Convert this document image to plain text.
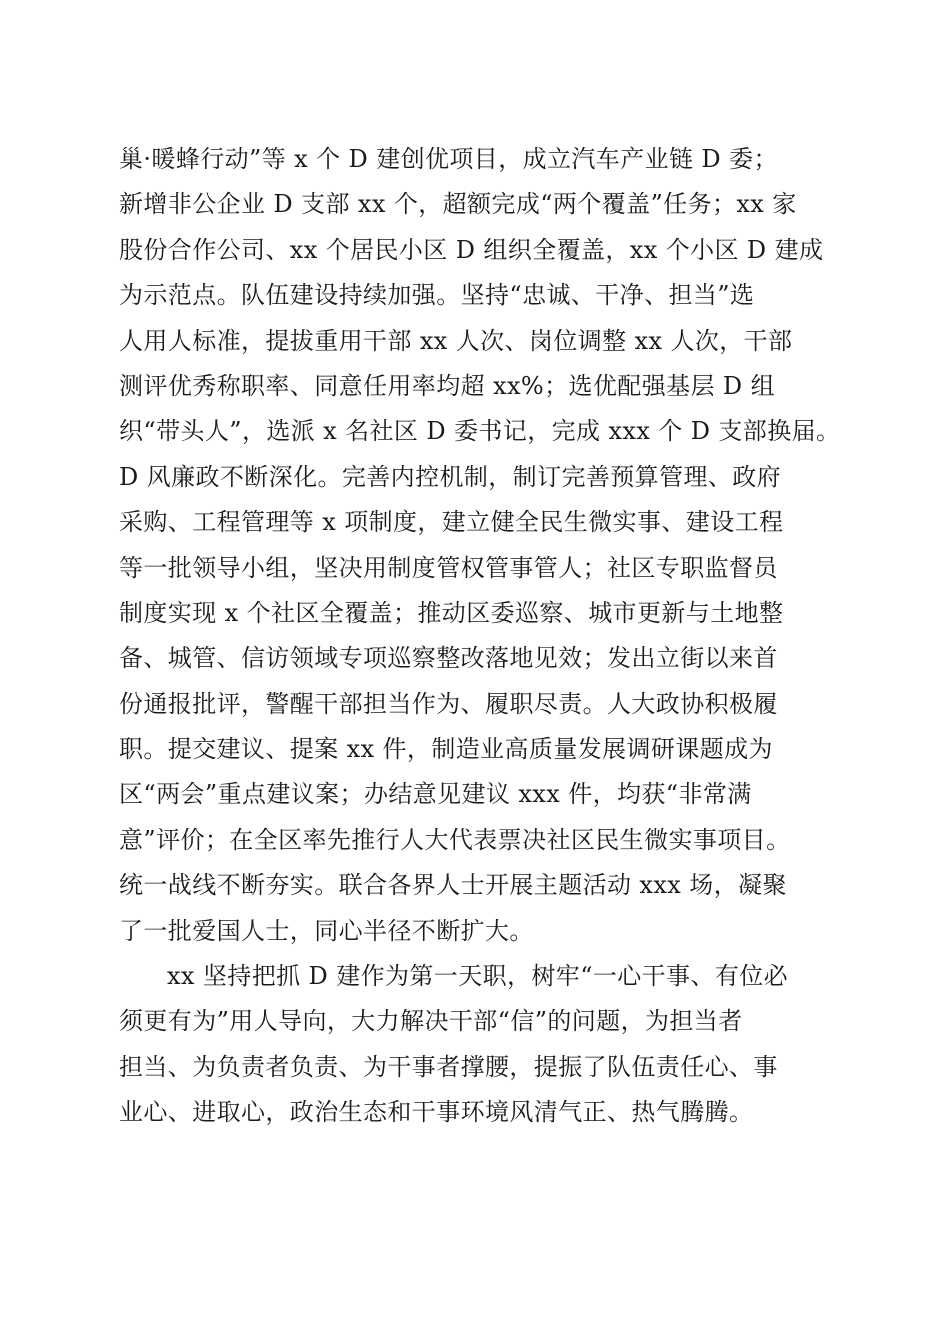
巢·暖蜂行动”等 x 个 D 建创优项目，成立汽车产业链 D 委；
新增非公企业 D 支部 xx 个，超额完成“两个覆盖”任务；xx 家
股份合作公司、xx 个居民小区 D 组织全覆盖，xx 个小区 D 建成
为示范点。队伍建设持续加强。坚持“忠诚、干净、担当”选
人用人标准，提拔重用干部 xx 人次、岗位调整 xx 人次，干部
测评优秀称职率、同意任用率均超 xx%；选优配强基层 D 组
织“带头人”，选派 x 名社区 D 委书记，完成 xxx 个 D 支部换届。
D 风廉政不断深化。完善内控机制，制订完善预算管理、政府
采购、工程管理等 x 项制度，建立健全民生微实事、建设工程
等一批领导小组，坚决用制度管权管事管人；社区专职监督员
制度实现 x 个社区全覆盖；推动区委巡察、城市更新与土地整
备、城管、信访领域专项巡察整改落地见效；发出立街以来首
份通报批评，警醒干部担当作为、履职尽责。人大政协积极履
职。提交建议、提案 xx 件，制造业高质量发展调研课题成为
区“两会”重点建议案；办结意见建议 xxx 件，均获“非常满
意”评价；在全区率先推行人大代表票决社区民生微实事项目。
统一战线不断夯实。联合各界人士开展主题活动 xxx 场，凝聚
了一批爱国人士，同心半径不断扩大。
xx 坚持把抓 D 建作为第一天职，树牢“一心干事、有位必
须更有为”用人导向，大力解决干部“信”的问题，为担当者
担当、为负责者负责、为干事者撑腰，提振了队伍责任心、事
业心、进取心，政治生态和干事环境风清气正、热气腾腾。
